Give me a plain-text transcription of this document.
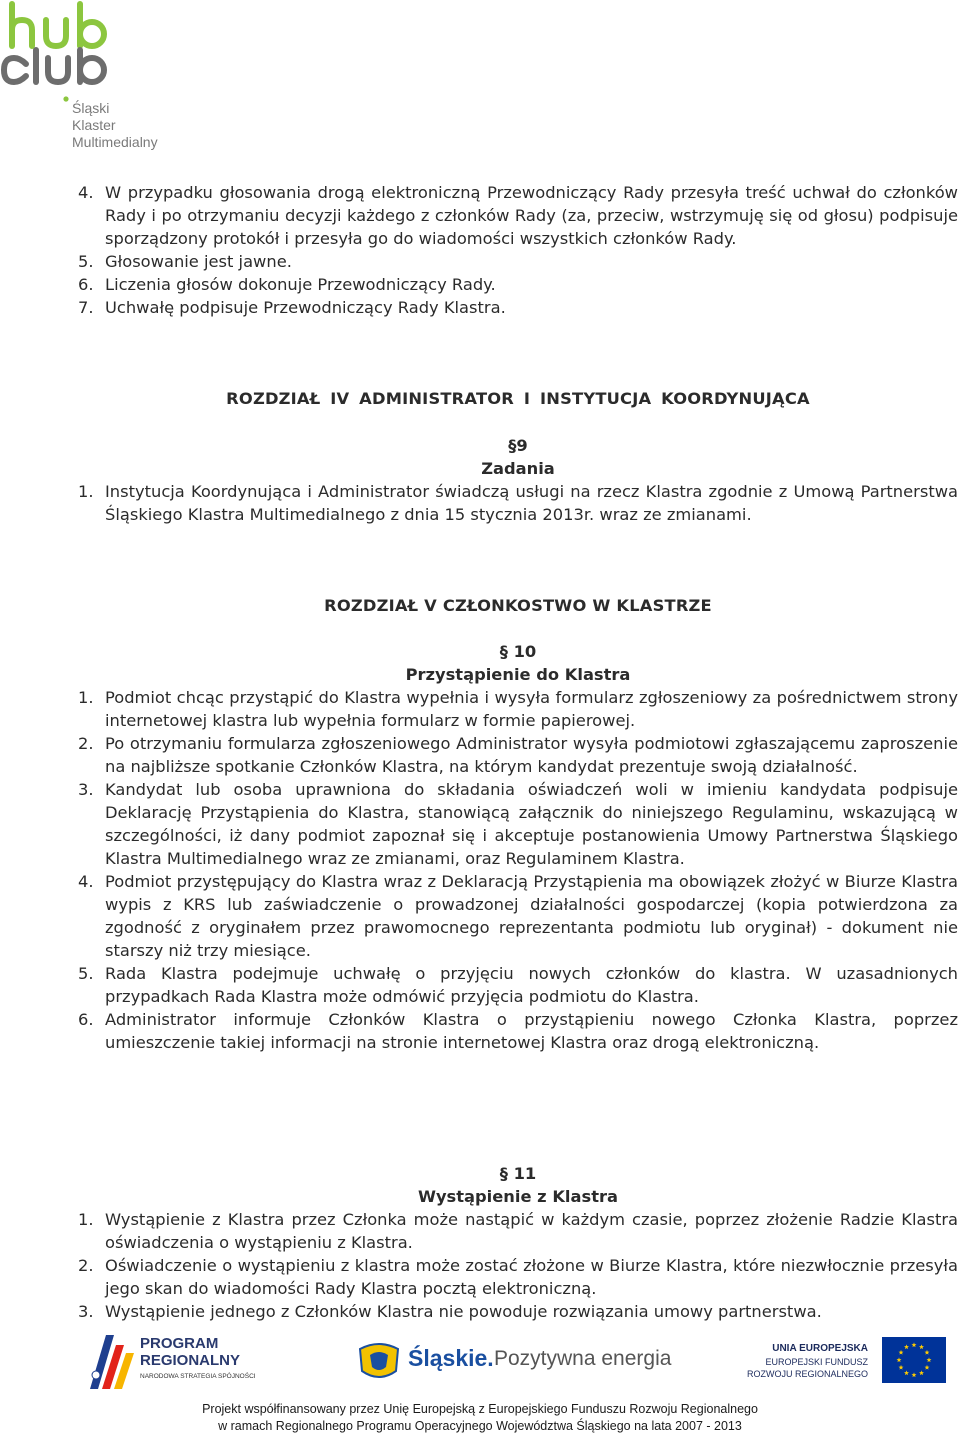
Śląski
Klaster
Multimedialny
4. W przypadku głosowania drogą elektroniczną Przewodniczący Rady przesyła treść uchwał do członków Rady i po otrzymaniu decyzji każdego z członków Rady (za, przeciw, wstrzymuję się od głosu) podpisuje sporządzony protokół i przesyła go do wiadomości wszystkich członków Rady.
5. Głosowanie jest jawne.
6. Liczenia głosów dokonuje Przewodniczący Rady.
7. Uchwałę podpisuje Przewodniczący Rady Klastra.
ROZDZIAŁ IV ADMINISTRATOR I INSTYTUCJA KOORDYNUJĄCA
§9
Zadania
1. Instytucja Koordynująca i Administrator świadczą usługi na rzecz Klastra zgodnie z Umową Partnerstwa Śląskiego Klastra Multimedialnego z dnia 15 stycznia 2013r. wraz ze zmianami.
ROZDZIAŁ V CZŁONKOSTWO W KLASTRZE
§ 10
Przystąpienie do Klastra
1. Podmiot chcąc przystąpić do Klastra wypełnia i wysyła formularz zgłoszeniowy za pośrednictwem strony internetowej klastra lub wypełnia formularz w formie papierowej.
2. Po otrzymaniu formularza zgłoszeniowego Administrator wysyła podmiotowi zgłaszającemu zaproszenie na najbliższe spotkanie Członków Klastra, na którym kandydat prezentuje swoją działalność.
3. Kandydat lub osoba uprawniona do składania oświadczeń woli w imieniu kandydata podpisuje Deklarację Przystąpienia do Klastra, stanowiącą załącznik do niniejszego Regulaminu, wskazującą w szczególności, iż dany podmiot zapoznał się i akceptuje postanowienia Umowy Partnerstwa Śląskiego Klastra Multimedialnego wraz ze zmianami, oraz Regulaminem Klastra.
4. Podmiot przystępujący do Klastra wraz z Deklaracją Przystąpienia ma obowiązek złożyć w Biurze Klastra wypis z KRS lub zaświadczenie o prowadzonej działalności gospodarczej (kopia potwierdzona za zgodność z oryginałem przez prawomocnego reprezentanta podmiotu lub oryginał) - dokument nie starszy niż trzy miesiące.
5. Rada Klastra podejmuje uchwałę o przyjęciu nowych członków do klastra. W uzasadnionych przypadkach Rada Klastra może odmówić przyjęcia podmiotu do Klastra.
6. Administrator informuje Członków Klastra o przystąpieniu nowego Członka Klastra, poprzez umieszczenie takiej informacji na stronie internetowej Klastra oraz drogą elektroniczną.
§ 11
Wystąpienie z Klastra
1. Wystąpienie z Klastra przez Członka może nastąpić w każdym czasie, poprzez złożenie Radzie Klastra oświadczenia o wystąpieniu z Klastra.
2. Oświadczenie o wystąpieniu z klastra może zostać złożone w Biurze Klastra, które niezwłocznie przesyła jego skan do wiadomości Rady Klastra pocztą elektroniczną.
3. Wystąpienie jednego z Członków Klastra nie powoduje rozwiązania umowy partnerstwa.
PROGRAM
REGIONALNY
NARODOWA STRATEGIA SPÓJNOŚCI
Śląskie. Pozytywna energia	UNIA EUROPEJSKA
EUROPEJSKI FUNDUSZ
ROZWOJU REGIONALNEGO
Projekt współfinansowany przez Unię Europejską z Europejskiego Funduszu Rozwoju Regionalnego
w ramach Regionalnego Programu Operacyjnego Województwa Śląskiego na lata 2007 - 2013
